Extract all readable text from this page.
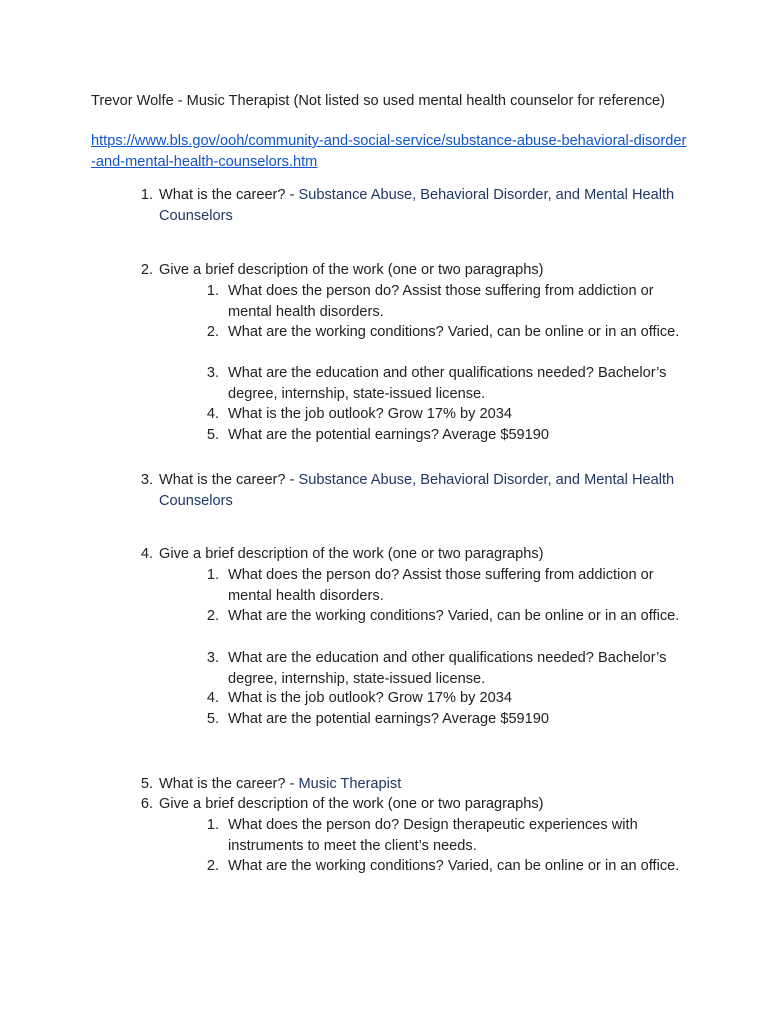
Trevor Wolfe - Music Therapist (Not listed so used mental health counselor for reference)
https://www.bls.gov/ooh/community-and-social-service/substance-abuse-behavioral-disorder-and-mental-health-counselors.htm
1. What is the career? - Substance Abuse, Behavioral Disorder, and Mental Health Counselors
2. Give a brief description of the work (one or two paragraphs)
1. What does the person do? Assist those suffering from addiction or mental health disorders.
2. What are the working conditions? Varied, can be online or in an office.
3. What are the education and other qualifications needed? Bachelor’s degree, internship, state-issued license.
4. What is the job outlook? Grow 17% by 2034
5. What are the potential earnings? Average $59190
3. What is the career? - Substance Abuse, Behavioral Disorder, and Mental Health Counselors
4. Give a brief description of the work (one or two paragraphs)
1. What does the person do? Assist those suffering from addiction or mental health disorders.
2. What are the working conditions? Varied, can be online or in an office.
3. What are the education and other qualifications needed? Bachelor’s degree, internship, state-issued license.
4. What is the job outlook? Grow 17% by 2034
5. What are the potential earnings? Average $59190
5. What is the career? - Music Therapist
6. Give a brief description of the work (one or two paragraphs)
1. What does the person do? Design therapeutic experiences with instruments to meet the client’s needs.
2. What are the working conditions? Varied, can be online or in an office.
